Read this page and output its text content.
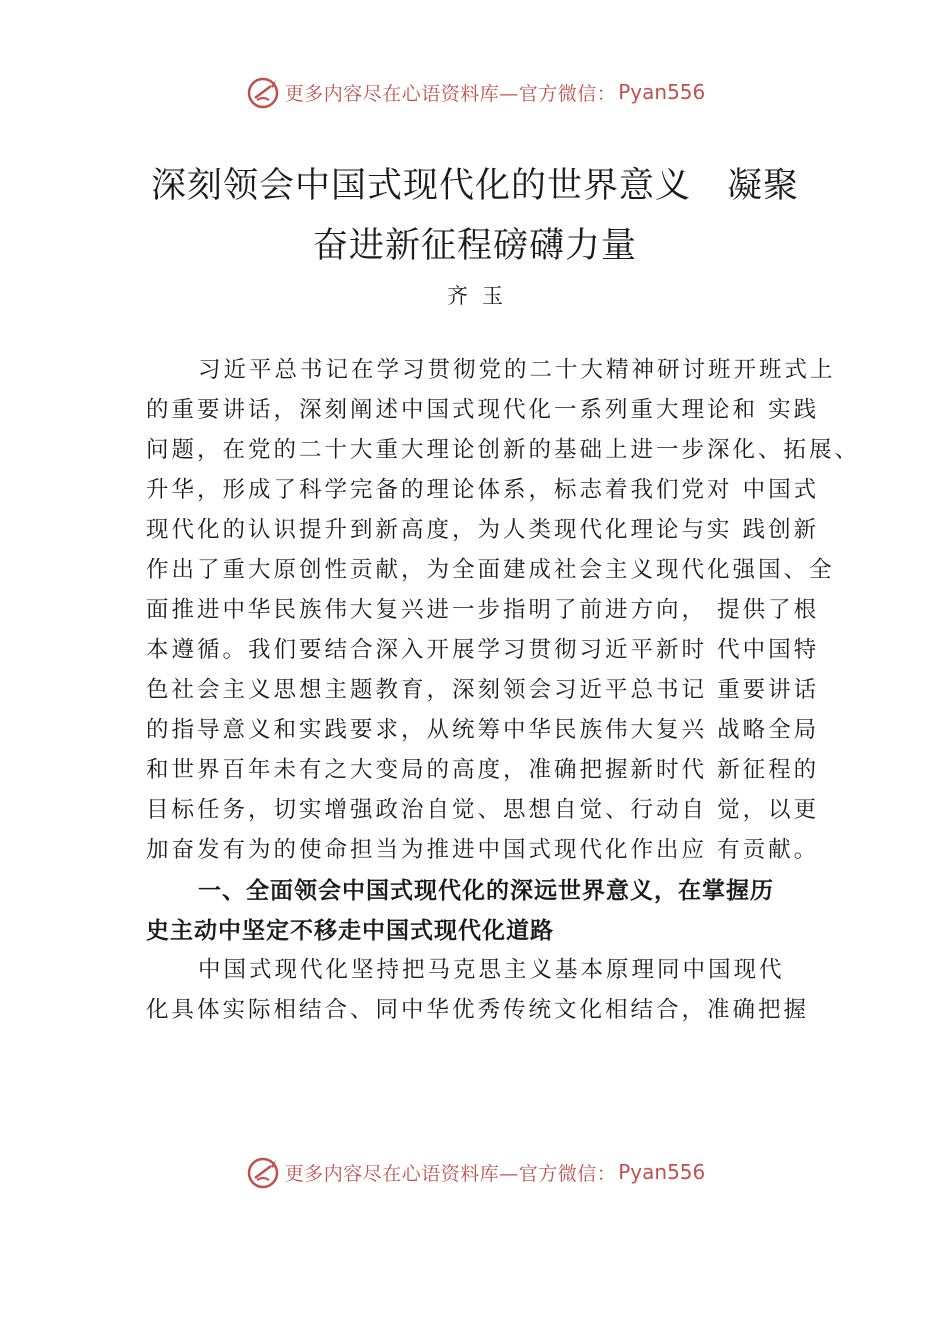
更多内容尽在心语资料库—官方微信： Pyan556
深刻领会中国式现代化的世界意义　凝聚
奋进新征程磅礴力量
齐玉
习近平总书记在学习贯彻党的二十大精神研讨班开班式上
的重要讲话，深刻阐述中国式现代化一系列重大理论和 实践
问题，在党的二十大重大理论创新的基础上进一步深化、拓展、
升华，形成了科学完备的理论体系，标志着我们党对 中国式
现代化的认识提升到新高度，为人类现代化理论与实 践创新
作出了重大原创性贡献，为全面建成社会主义现代化强国、全
面推进中华民族伟大复兴进一步指明了前进方向， 提供了根
本遵循。我们要结合深入开展学习贯彻习近平新时 代中国特
色社会主义思想主题教育，深刻领会习近平总书记 重要讲话
的指导意义和实践要求，从统筹中华民族伟大复兴 战略全局
和世界百年未有之大变局的高度，准确把握新时代 新征程的
目标任务，切实增强政治自觉、思想自觉、行动自 觉，以更
加奋发有为的使命担当为推进中国式现代化作出应 有贡献。
一、全面领会中国式现代化的深远世界意义，在掌握历
史主动中坚定不移走中国式现代化道路
中国式现代化坚持把马克思主义基本原理同中国现代
化具体实际相结合、同中华优秀传统文化相结合，准确把握
更多内容尽在心语资料库—官方微信： Pyan556
